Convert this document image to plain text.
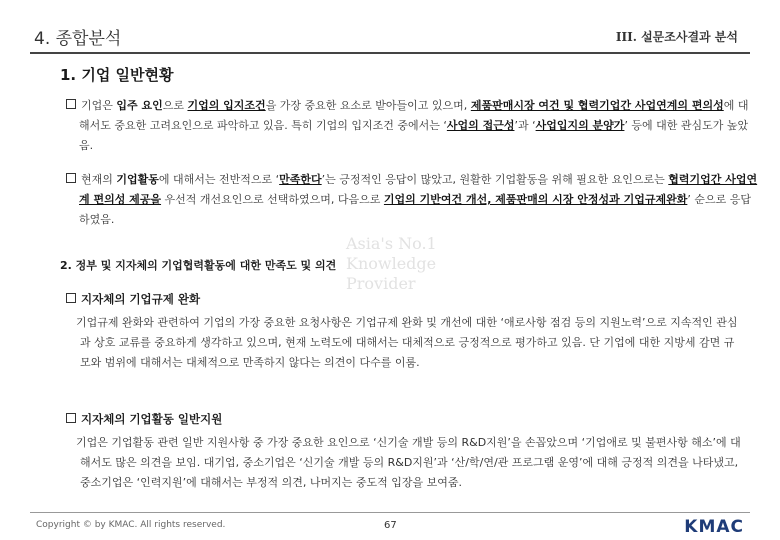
4. 종합분석	III. 설문조사결과 분석
Asia's No.1
Knowledge
Provider
1. 기업 일반현황
기업은 입주 요인으로 기업의 입지조건을 가장 중요한 요소로 받아들이고 있으며, 제품판매시장 여건 및 협력기업간 사업연계의 편의성에 대해서도 중요한 고려요인으로 파악하고 있음. 특히 기업의 입지조건 중에서는 ‘사업의 접근성’과 ‘사업입지의 분양가’ 등에 대한 관심도가 높았음.
현재의 기업활동에 대해서는 전반적으로 ‘만족한다’는 긍정적인 응답이 많았고, 원활한 기업활동을 위해 필요한 요인으로는 협력기업간 사업연계 편의성 제공을 우선적 개선요인으로 선택하였으며, 다음으로 기업의 기반여건 개선, 제품판매의 시장 안정성과 기업규제완화’ 순으로 응답하였음.
2. 정부 및 지자체의 기업협력활동에 대한 만족도 및 의견
지자체의 기업규제 완화
기업규제 완화와 관련하여 기업의 가장 중요한 요청사항은 기업규제 완화 및 개선에 대한 ‘애로사항 점검 등의 지원노력’으로 지속적인 관심과 상호 교류를 중요하게 생각하고 있으며, 현재 노력도에 대해서는 대체적으로 긍정적으로 평가하고 있음. 단 기업에 대한 지방세 감면 규모와 범위에 대해서는 대체적으로 만족하지 않다는 의견이 다수를 이룸.
지자체의 기업활동 일반지원
기업은 기업활동 관련 일반 지원사항 중 가장 중요한 요인으로 ‘신기술 개발 등의 R&D지원’을 손꼽았으며 ‘기업애로 및 불편사항 해소’에 대해서도 많은 의견을 보임. 대기업, 중소기업은 ‘신기술 개발 등의 R&D지원’과 ‘산/학/연/관 프로그램 운영’에 대해 긍정적 의견을 나타냈고, 중소기업은 ‘인력지원’에 대해서는 부정적 의견, 나머지는 중도적 입장을 보여줌.
Copyright © by KMAC. All rights reserved.	67	KMAC
